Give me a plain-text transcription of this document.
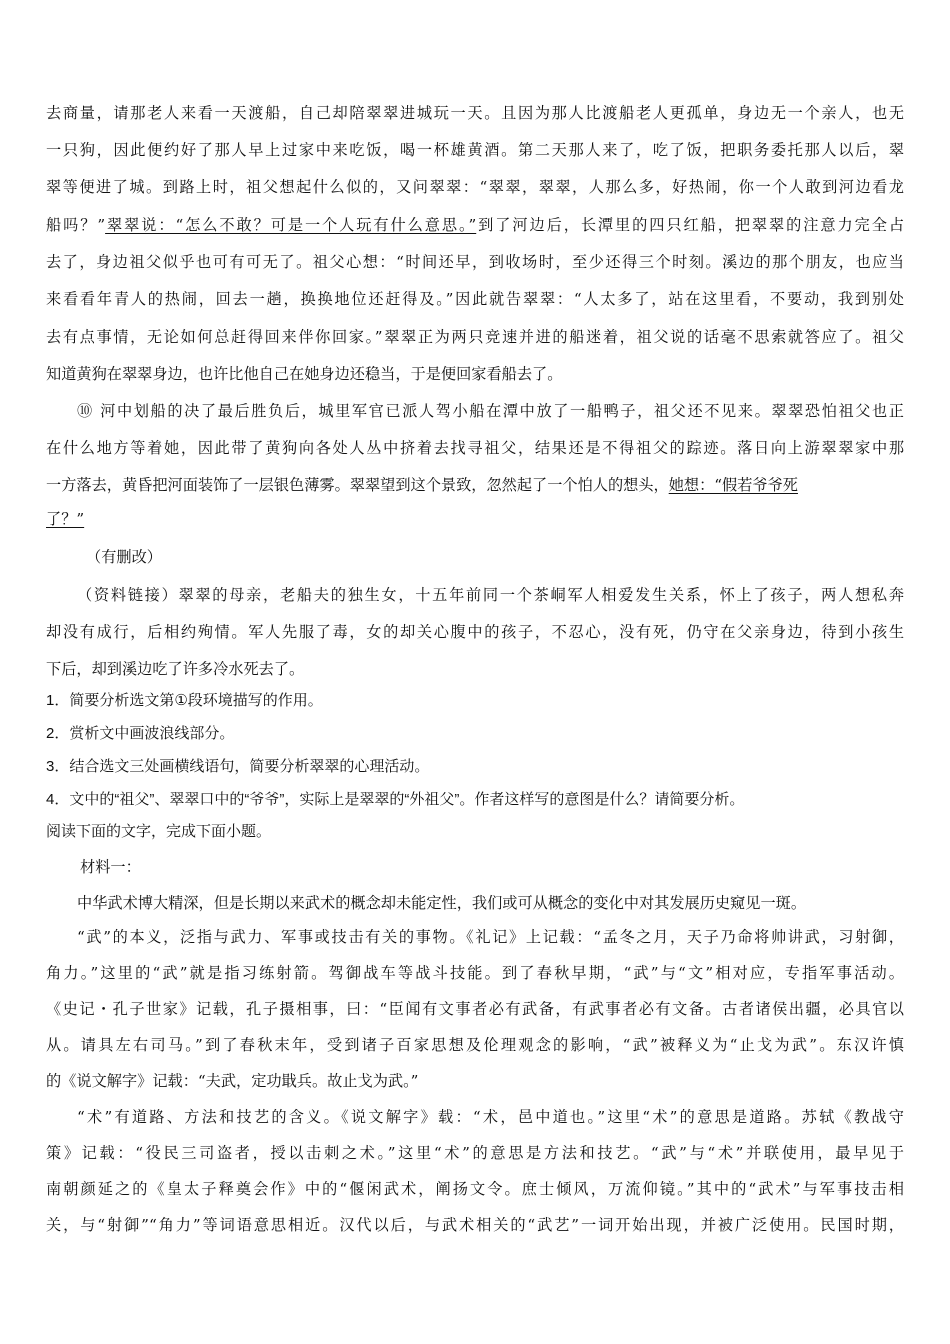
去商量，请那老人来看一天渡船，自己却陪翠翠进城玩一天。且因为那人比渡船老人更孤单，身边无一个亲人，也无
一只狗，因此便约好了那人早上过家中来吃饭，喝一杯雄黄酒。第二天那人来了，吃了饭，把职务委托那人以后，翠
翠等便进了城。到路上时，祖父想起什么似的，又问翠翠：“翠翠，翠翠，人那么多，好热闹，你一个人敢到河边看龙
船吗？”翠翠说：“怎么不敢？可是一个人玩有什么意思。”到了河边后，长潭里的四只红船，把翠翠的注意力完全占
去了，身边祖父似乎也可有可无了。祖父心想：“时间还早，到收场时，至少还得三个时刻。溪边的那个朋友，也应当
来看看年青人的热闹，回去一趟，换换地位还赶得及。”因此就告翠翠：“人太多了，站在这里看，不要动，我到别处
去有点事情，无论如何总赶得回来伴你回家。”翠翠正为两只竞速并进的船迷着，祖父说的话毫不思索就答应了。祖父
知道黄狗在翠翠身边，也许比他自己在她身边还稳当，于是便回家看船去了。
⑩ 河中划船的决了最后胜负后，城里军官已派人驾小船在潭中放了一船鸭子，祖父还不见来。翠翠恐怕祖父也正
在什么地方等着她，因此带了黄狗向各处人丛中挤着去找寻祖父，结果还是不得祖父的踪迹。落日向上游翠翠家中那
一方落去，黄昏把河面装饰了一层银色薄雾。翠翠望到这个景致，忽然起了一个怕人的想头，她想：“假若爷爷死
了？”
（有删改）
（资料链接）翠翠的母亲，老船夫的独生女，十五年前同一个茶峒军人相爱发生关系，怀上了孩子，两人想私奔
却没有成行，后相约殉情。军人先服了毒，女的却关心腹中的孩子，不忍心，没有死，仍守在父亲身边，待到小孩生
下后，却到溪边吃了许多冷水死去了。
1．简要分析选文第①段环境描写的作用。
2．赏析文中画波浪线部分。
3．结合选文三处画横线语句，简要分析翠翠的心理活动。
4．文中的“祖父”、翠翠口中的“爷爷”，实际上是翠翠的“外祖父”。作者这样写的意图是什么？请简要分析。
阅读下面的文字，完成下面小题。
材料一：
中华武术博大精深，但是长期以来武术的概念却未能定性，我们或可从概念的变化中对其发展历史窥见一斑。
“武”的本义，泛指与武力、军事或技击有关的事物。《礼记》上记载：“孟冬之月，天子乃命将帅讲武，习射御，
角力。”这里的“武”就是指习练射箭。驾御战车等战斗技能。到了春秋早期，“武”与“文”相对应，专指军事活动。
《史记・孔子世家》记载，孔子摄相事，曰：“臣闻有文事者必有武备，有武事者必有文备。古者诸侯出疆，必具官以
从。请具左右司马。”到了春秋末年，受到诸子百家思想及伦理观念的影响，“武”被释义为“止戈为武”。东汉许慎
的《说文解字》记载：“夫武，定功戢兵。故止戈为武。”
“术”有道路、方法和技艺的含义。《说文解字》载：“术，邑中道也。”这里“术”的意思是道路。苏轼《教战守
策》记载：“役民三司盗者，授以击刺之术。”这里“术”的意思是方法和技艺。“武”与“术”并联使用，最早见于
南朝颜延之的《皇太子释奠会作》中的“偃闲武术，阐扬文令。庶士倾风，万流仰镜。”其中的“武术”与军事技击相
关，与“射御”“角力”等词语意思相近。汉代以后，与武术相关的“武艺”一词开始出现，并被广泛使用。民国时期，
